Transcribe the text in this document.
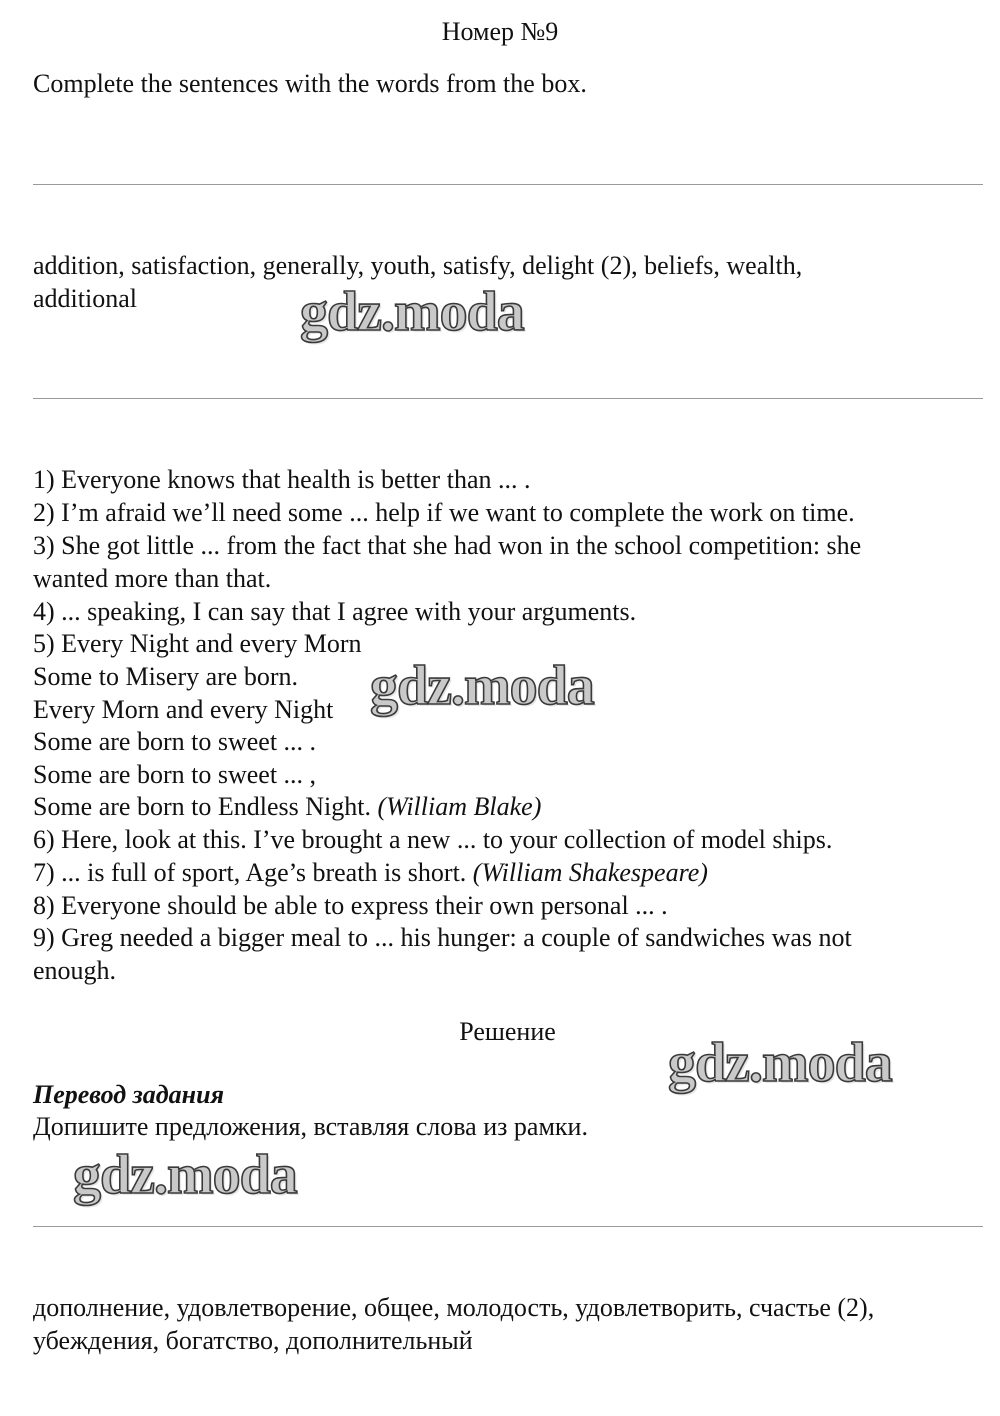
Номер №9
Complete the sentences with the words from the box.
addition, satisfaction, generally, youth, satisfy, delight (2), beliefs, wealth,
additional
1) Everyone knows that health is better than ... .
2) I’m afraid we’ll need some ... help if we want to complete the work on time.
3) She got little ... from the fact that she had won in the school competition: she
wanted more than that.
4) ... speaking, I can say that I agree with your arguments.
5) Every Night and every Morn
Some to Misery are born.
Every Morn and every Night
Some are born to sweet ... .
Some are born to sweet ... ,
Some are born to Endless Night. (William Blake)
6) Here, look at this. I’ve brought a new ... to your collection of model ships.
7) ... is full of sport, Age’s breath is short. (William Shakespeare)
8) Everyone should be able to express their own personal ... .
9) Greg needed a bigger meal to ... his hunger: a couple of sandwiches was not
enough.
Решение
Перевод задания
Допишите предложения, вставляя слова из рамки.
дополнение, удовлетворение, общее, молодость, удовлетворить, счастье (2),
убеждения, богатство, дополнительный
gdz.moda
gdz.moda
gdz.moda
gdz.moda
